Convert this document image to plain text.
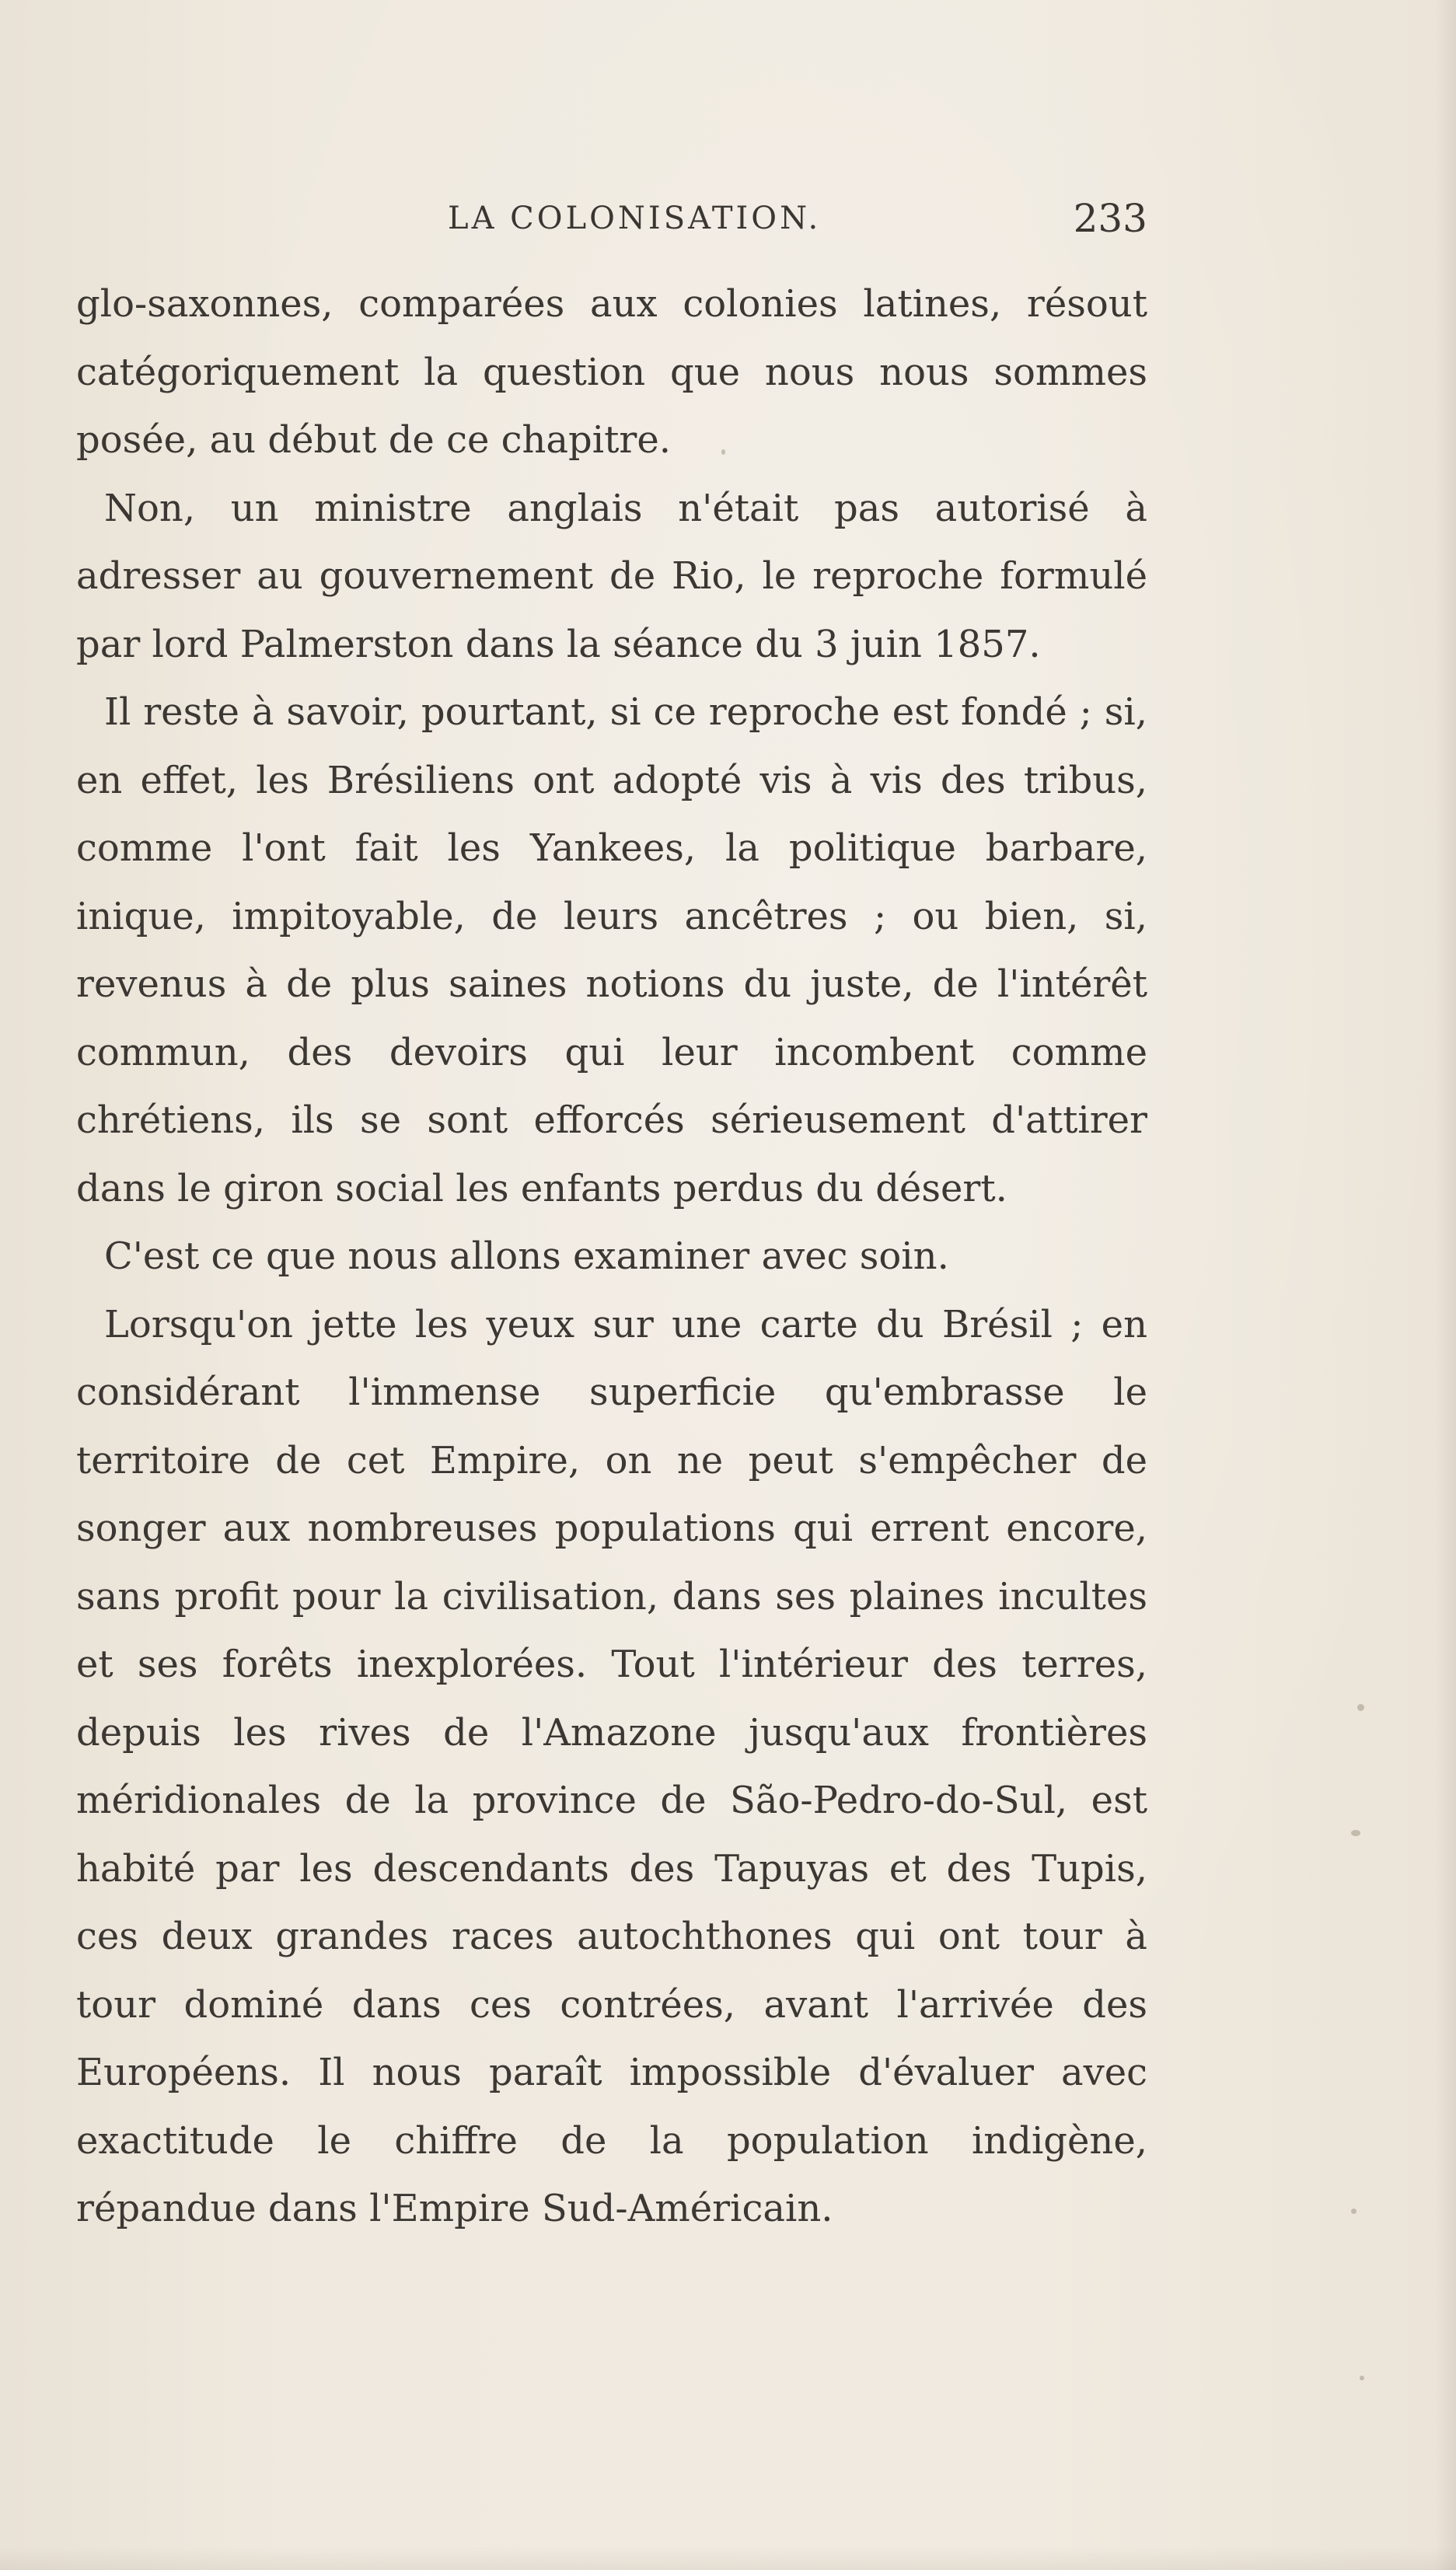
LA COLONISATION.	233

glo-saxonnes, comparées aux colonies latines, résout catégoriquement la question que nous nous sommes posée, au début de ce chapitre.

Non, un ministre anglais n'était pas autorisé à adresser au gouvernement de Rio, le reproche formulé par lord Palmerston dans la séance du 3 juin 1857.

Il reste à savoir, pourtant, si ce reproche est fondé ; si, en effet, les Brésiliens ont adopté vis à vis des tribus, comme l'ont fait les Yankees, la politique barbare, inique, impitoyable, de leurs ancêtres ; ou bien, si, revenus à de plus saines notions du juste, de l'intérêt commun, des devoirs qui leur incombent comme chrétiens, ils se sont efforcés sérieusement d'attirer dans le giron social les enfants perdus du désert.

C'est ce que nous allons examiner avec soin.

Lorsqu'on jette les yeux sur une carte du Brésil ; en considérant l'immense superficie qu'embrasse le territoire de cet Empire, on ne peut s'empêcher de songer aux nombreuses populations qui errent encore, sans profit pour la civilisation, dans ses plaines incultes et ses forêts inexplorées. Tout l'intérieur des terres, depuis les rives de l'Amazone jusqu'aux frontières méridionales de la province de São-Pedro-do-Sul, est habité par les descendants des Tapuyas et des Tupis, ces deux grandes races autochthones qui ont tour à tour dominé dans ces contrées, avant l'arrivée des Européens. Il nous paraît impossible d'évaluer avec exactitude le chiffre de la population indigène, répandue dans l'Empire Sud-Américain.
